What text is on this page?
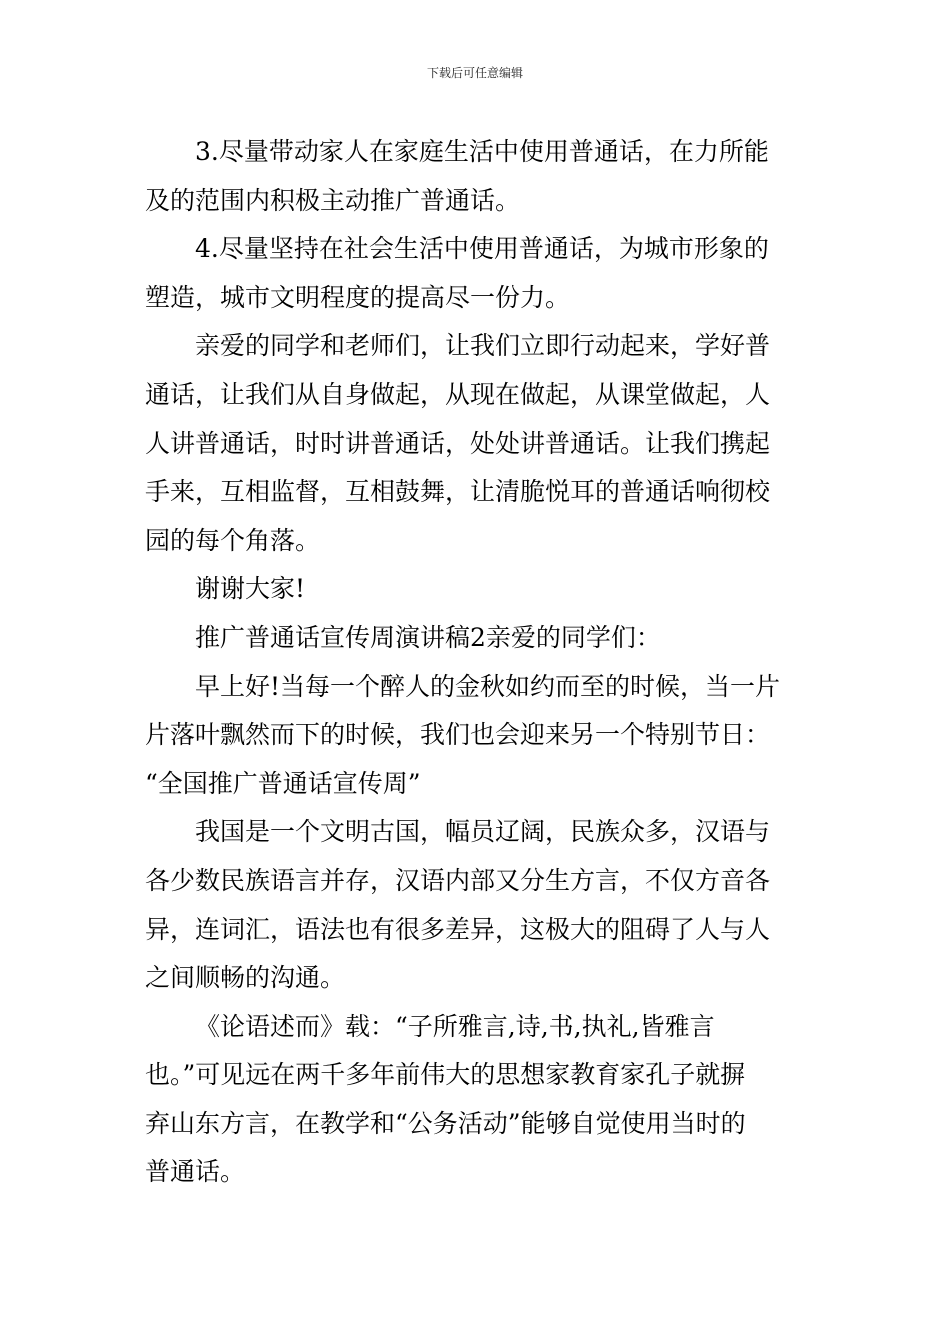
下载后可任意编辑

3.尽量带动家人在家庭生活中使用普通话，在力所能
及的范围内积极主动推广普通话。

4.尽量坚持在社会生活中使用普通话，为城市形象的
塑造，城市文明程度的提高尽一份力。

亲爱的同学和老师们，让我们立即行动起来，学好普
通话，让我们从自身做起，从现在做起，从课堂做起，人
人讲普通话，时时讲普通话，处处讲普通话。让我们携起
手来，互相监督，互相鼓舞，让清脆悦耳的普通话响彻校
园的每个角落。

谢谢大家!

推广普通话宣传周演讲稿2亲爱的同学们：

早上好!当每一个醉人的金秋如约而至的时候，当一片
片落叶飘然而下的时候，我们也会迎来另一个特别节日：
“全国推广普通话宣传周”

我国是一个文明古国，幅员辽阔，民族众多，汉语与
各少数民族语言并存，汉语内部又分生方言，不仅方音各
异，连词汇，语法也有很多差异，这极大的阻碍了人与人
之间顺畅的沟通。

《论语述而》载：“子所雅言,诗,书,执礼,皆雅言
也。”可见远在两千多年前伟大的思想家教育家孔子就摒
弃山东方言，在教学和“公务活动”能够自觉使用当时的
普通话。
